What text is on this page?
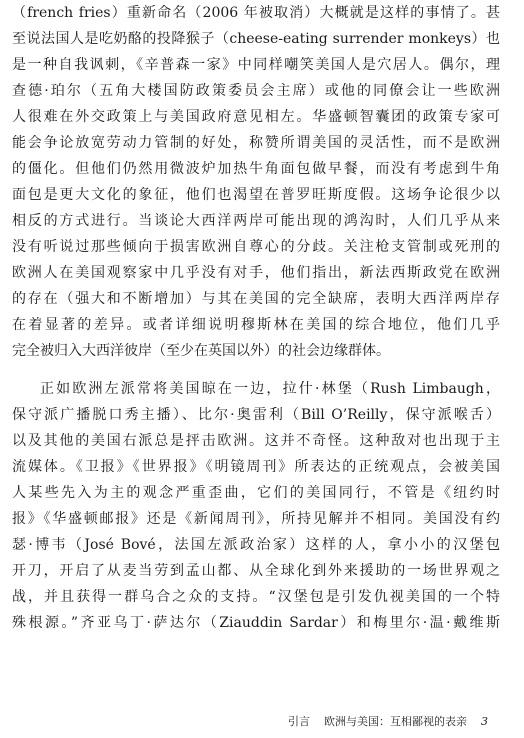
（french fries）重新命名（2006 年被取消）大概就是这样的事情了。甚
至说法国人是吃奶酪的投降猴子（cheese-eating surrender monkeys）也
是一种自我讽刺，《辛普森一家》中同样嘲笑美国人是穴居人。偶尔，理
查德·珀尔（五角大楼国防政策委员会主席）或他的同僚会让一些欧洲
人很难在外交政策上与美国政府意见相左。华盛顿智囊团的政策专家可
能会争论放宽劳动力管制的好处，称赞所谓美国的灵活性，而不是欧洲
的僵化。但他们仍然用微波炉加热牛角面包做早餐，而没有考虑到牛角
面包是更大文化的象征，他们也渴望在普罗旺斯度假。这场争论很少以
相反的方式进行。当谈论大西洋两岸可能出现的鸿沟时，人们几乎从来
没有听说过那些倾向于损害欧洲自尊心的分歧。关注枪支管制或死刑的
欧洲人在美国观察家中几乎没有对手，他们指出，新法西斯政党在欧洲
的存在（强大和不断增加）与其在美国的完全缺席，表明大西洋两岸存
在着显著的差异。或者详细说明穆斯林在美国的综合地位，他们几乎
完全被归入大西洋彼岸（至少在英国以外）的社会边缘群体。
正如欧洲左派常将美国晾在一边，拉什·林堡（Rush Limbaugh，
保守派广播脱口秀主播）、比尔·奥雷利（Bill O’Reilly，保守派喉舌）
以及其他的美国右派总是抨击欧洲。这并不奇怪。这种敌对也出现于主
流媒体。《卫报》《世界报》《明镜周刊》所表达的正统观点，会被美国
人某些先入为主的观念严重歪曲，它们的美国同行，不管是《纽约时
报》《华盛顿邮报》还是《新闻周刊》，所持见解并不相同。美国没有约
瑟·博韦（José Bové，法国左派政治家）这样的人，拿小小的汉堡包
开刀，开启了从麦当劳到孟山都、从全球化到外来援助的一场世界观之
战，并且获得一群乌合之众的支持。“汉堡包是引发仇视美国的一个特
殊根源。”齐亚乌丁·萨达尔（Ziauddin Sardar）和梅里尔·温·戴维斯
引言 欧洲与美国：互相鄙视的表亲 3
